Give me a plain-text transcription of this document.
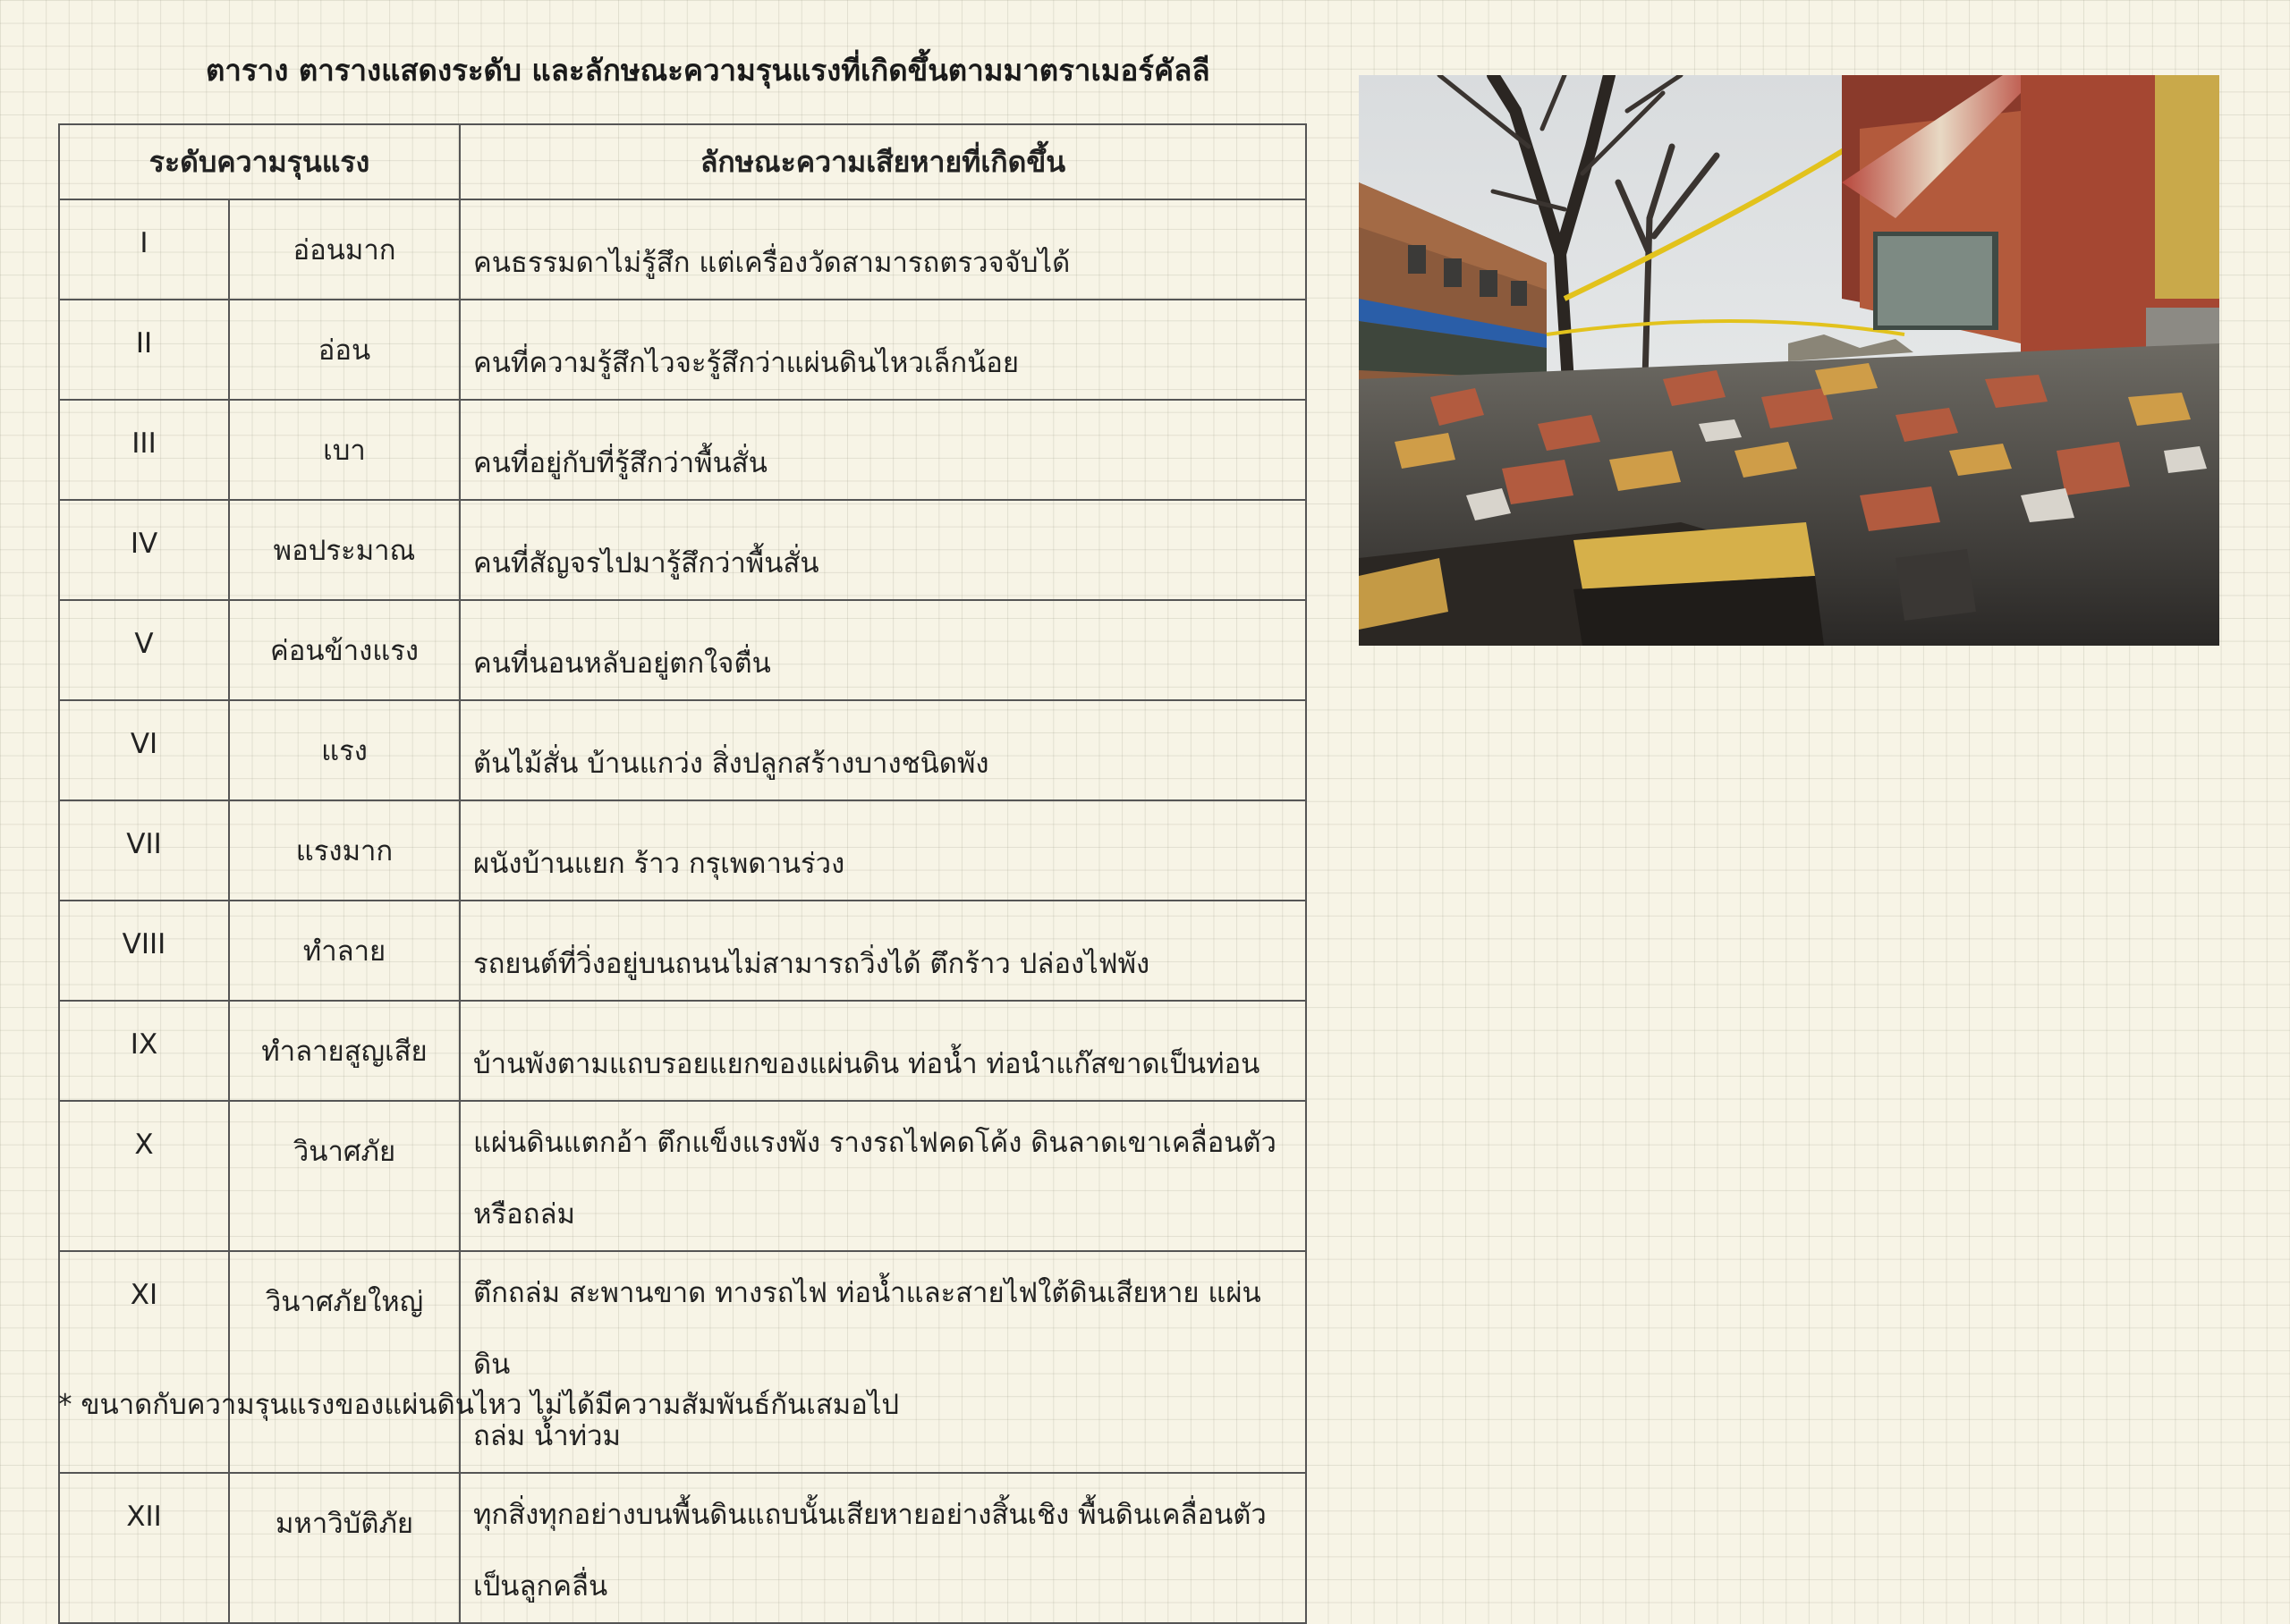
ตาราง ตารางแสดงระดับ และลักษณะความรุนแรงที่เกิดขึ้นตามมาตราเมอร์คัลลี
ระดับความรุนแรง		ลักษณะความเสียหายที่เกิดขึ้น
I	อ่อนมาก	คนธรรมดาไม่รู้สึก แต่เครื่องวัดสามารถตรวจจับได้
II	อ่อน	คนที่ความรู้สึกไวจะรู้สึกว่าแผ่นดินไหวเล็กน้อย
III	เบา	คนที่อยู่กับที่รู้สึกว่าพื้นสั่น
IV	พอประมาณ	คนที่สัญจรไปมารู้สึกว่าพื้นสั่น
V	ค่อนข้างแรง	คนที่นอนหลับอยู่ตกใจตื่น
VI	แรง	ต้นไม้สั่น บ้านแกว่ง สิ่งปลูกสร้างบางชนิดพัง
VII	แรงมาก	ผนังบ้านแยก ร้าว กรุเพดานร่วง
VIII	ทำลาย	รถยนต์ที่วิ่งอยู่บนถนนไม่สามารถวิ่งได้ ตึกร้าว ปล่องไฟพัง
IX	ทำลายสูญเสีย	บ้านพังตามแถบรอยแยกของแผ่นดิน ท่อน้ำ ท่อนำแก๊สขาดเป็นท่อน
X	วินาศภัย	แผ่นดินแตกอ้า ตึกแข็งแรงพัง รางรถไฟคดโค้ง ดินลาดเขาเคลื่อนตัว
หรือถล่ม

XI	วินาศภัยใหญ่	ตึกถล่ม สะพานขาด ทางรถไฟ ท่อน้ำและสายไฟใต้ดินเสียหาย แผ่นดิน
ถล่ม น้ำท่วม

XII	มหาวิบัติภัย	ทุกสิ่งทุกอย่างบนพื้นดินแถบนั้นเสียหายอย่างสิ้นเชิง พื้นดินเคลื่อนตัว
เป็นลูกคลื่น
* ขนาดกับความรุนแรงของแผ่นดินไหว ไม่ได้มีความสัมพันธ์กันเสมอไป
